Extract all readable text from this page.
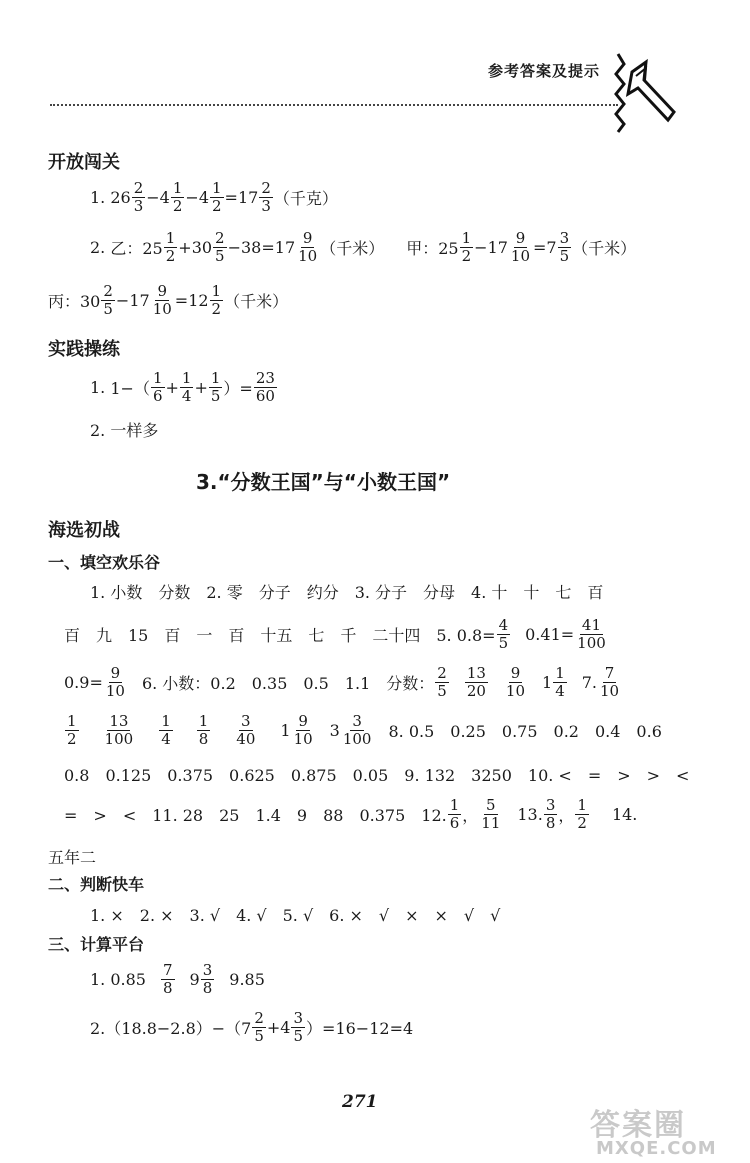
参考答案及提示
开放闯关
1.
$26 \frac{2}{3} -4 \frac{1}{2} -4 \frac{1}{2} =17 \frac{2}{3}$ （千克）
2.
乙：$25 \frac{1}{2} +30 \frac{2}{5} -38=17 \frac{9}{10}$ （千米） 甲：$25 \frac{1}{2} -17 \frac{9}{10} =7 \frac{3}{5}$ （千米）
丙：$30 \frac{2}{5} -17 \frac{9}{10} =12 \frac{1}{2}$ （千米）
实践操练
1.
$1-( \frac{1}{6} + \frac{1}{4} + \frac{1}{5}$ ）= $\frac{23}{60}$
2. 一样多
3.“分数王国”与“小数王国”
海选初战
一、填空欢乐谷
1. 小数　分数　2. 零　分子　约分　3. 分子　分母　4. 十　十　七　百
百　九　15　百　一　百　十五　七　千　二十四　5. $0.8= \frac{4}{5} 0.41= \frac{41}{100}$
$0.9= \frac{9}{10} 6$. 小数：0.2　0.35　0.5　1.1　分数： $\frac{2}{5} \frac{13}{20} \frac{9}{10} 1 \frac{1}{4} 7$. $\frac{7}{10}$
$\frac{1}{2} \frac{13}{100} \frac{1}{4} \frac{1}{8} \frac{3}{40} 1 \frac{9}{10} 3 \frac{3}{100} 8$. 0.5　0.25　0.75　0.2　0.4　0.6
0.8　0.125　0.375　0.625　0.875　0.05　9. 132　3250　10. <　=　>　>　<
=　>　<　11. 28　25　1.4　9　88　0.375　12. $\frac{1}{6}$ ， $\frac{5}{11} 13$. $\frac{3}{8}$ ， $\frac{1}{2} 14$.
五年二
二、判断快车
1. ×　2. ×　3. √　4. √　5. √　6. ×　√　×　×　√　√
三、计算平台
1. $0.85 \frac{7}{8} 9 \frac{3}{8} 9.85$
$2.(18.8-2.8)-(7 \frac{2}{5} +4 \frac{3}{5} )=16-12=4$
271
答案圈
MXQE.COM
